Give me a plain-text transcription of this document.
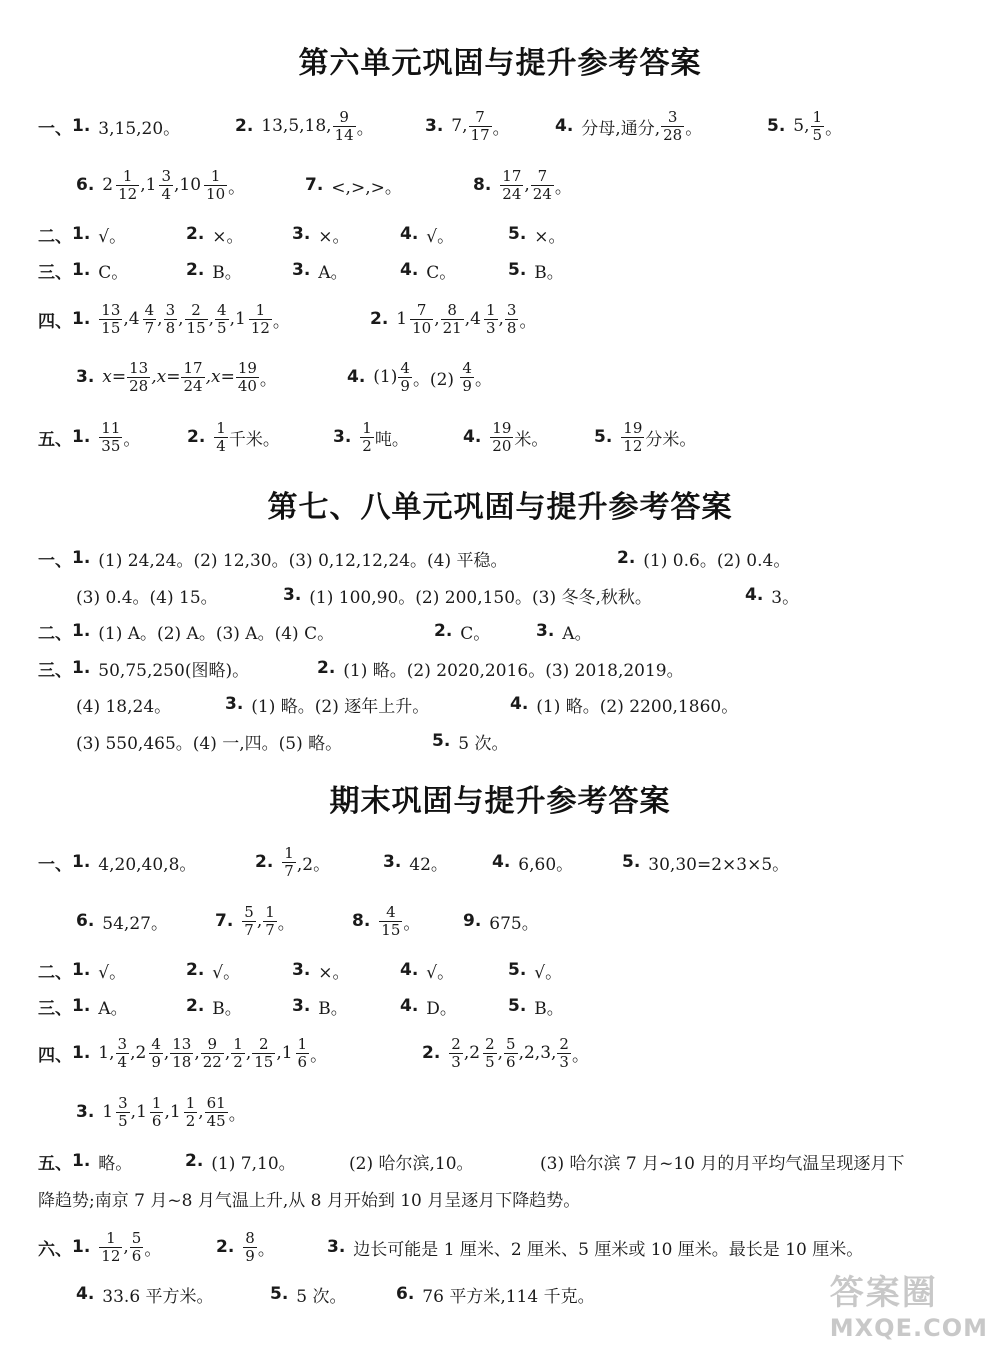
第六单元巩固与提升参考答案
一、 1. 3,15,20。	2. 13,5,18, $\frac{9}{14}$ 。	3. 7, $\frac{7}{17}$ 。	4. 分母,通分, $\frac{3}{28}$ 。	5. 5, $\frac{1}{5}$ 。
6. $2 \frac{1}{12}$ , $1 \frac{3}{4}$ , $10 \frac{1}{10}$ 。	7. <,>,>。	8. $\frac{17}{24}$ , $\frac{7}{24}$ 。
二、 1. √。	2. ×。	3. ×。	4. √。	5. ×。
三、 1. C。	2. B。	3. A。	4. C。	5. B。
四、 1. $\frac{13}{15}$ , $4 \frac{4}{7}$ , $\frac{3}{8}$ , $\frac{2}{15}$ , $\frac{4}{5}$ , $1 \frac{1}{12}$ 。	2. $1 \frac{7}{10}$ , $\frac{8}{21}$ , $4 \frac{1}{3}$ , $\frac{3}{8}$ 。
3. $x= \frac{13}{28} ,x= \frac{17}{24} ,x= \frac{19}{40}$ 。	4. $(1) \frac{4}{9}$ 。$(2) \frac{4}{9}$ 。
五、 1. $\frac{11}{35}$ 。	2. $\frac{1}{4}$ 千米。	3. $\frac{1}{2}$ 吨。	4. $\frac{19}{20}$ 米。	5. $\frac{19}{12}$ 分米。
第七、八单元巩固与提升参考答案
一、 1. (1) 24,24。(2) 12,30。(3) 0,12,12,24。(4) 平稳。	2. (1) 0.6。(2) 0.4。
(3) 0.4。(4) 15。	3. (1) 100,90。(2) 200,150。(3) 冬冬,秋秋。	4. 3。
二、 1. (1) A。(2) A。(3) A。(4) C。	2. C。	3. A。
三、 1. 50,75,250(图略)。	2. (1) 略。(2) 2020,2016。(3) 2018,2019。
(4) 18,24。	3. (1) 略。(2) 逐年上升。	4. (1) 略。(2) 2200,1860。
(3) 550,465。(4) 一,四。(5) 略。	5. 5 次。
期末巩固与提升参考答案
一、 1. 4,20,40,8。	2. $\frac{1}{7} ,2$。	3. 42。	4. 6,60。	5. 30,30=2×3×5。
6. 54,27。	7. $\frac{5}{7}$ , $\frac{1}{7}$ 。	8. $\frac{4}{15}$ 。	9. 675。
二、 1. √。	2. √。	3. ×。	4. √。	5. √。
三、 1. A。	2. B。	3. B。	4. D。	5. B。
四、 1. 1, $\frac{3}{4}$ , $2 \frac{4}{9}$ , $\frac{13}{18}$ , $\frac{9}{22}$ , $\frac{1}{2}$ , $\frac{2}{15}$ , $1 \frac{1}{6}$ 。	2. $\frac{2}{3}$ , $2 \frac{2}{5}$ , $\frac{5}{6} ,2,3$, $\frac{2}{3}$ 。
3. $1 \frac{3}{5}$ , $1 \frac{1}{6}$ , $1 \frac{1}{2}$ , $\frac{61}{45}$ 。
五、 1. 略。	2. (1) 7,10。	(2) 哈尔滨,10。	(3) 哈尔滨 7 月~10 月的月平均气温呈现逐月下
降趋势;南京 7 月~8 月气温上升,从 8 月开始到 10 月呈逐月下降趋势。
六、 1. $\frac{1}{12}$ , $\frac{5}{6}$ 。	2. $\frac{8}{9}$ 。	3. 边长可能是 1 厘米、2 厘米、5 厘米或 10 厘米。最长是 10 厘米。
4. 33.6 平方米。	5. 5 次。	6. 76 平方米,114 千克。	答案圈
MXQE.COM
